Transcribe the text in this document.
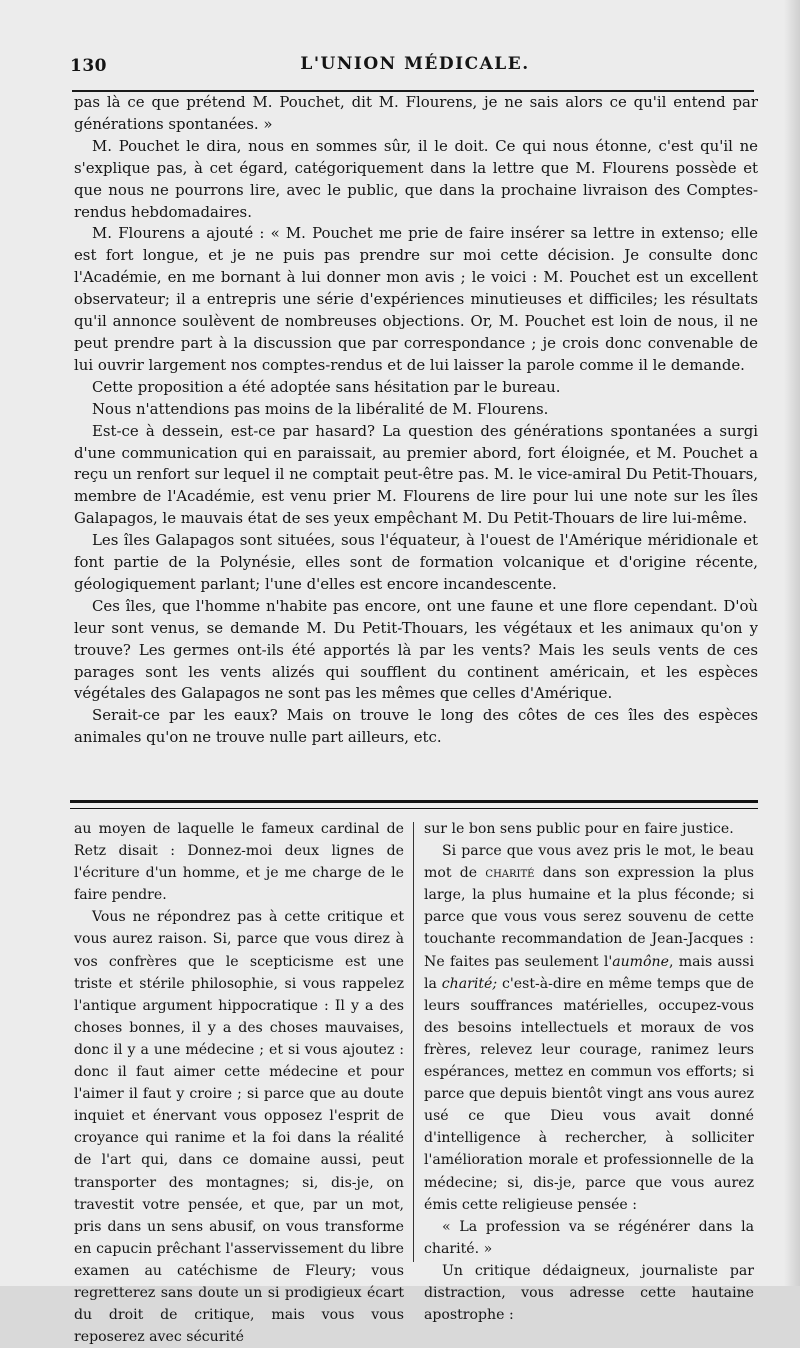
130	L'UNION MÉDICALE.

pas là ce que prétend M. Pouchet, dit M. Flourens, je ne sais alors ce qu'il entend par générations spontanées. »

M. Pouchet le dira, nous en sommes sûr, il le doit. Ce qui nous étonne, c'est qu'il ne s'explique pas, à cet égard, catégoriquement dans la lettre que M. Flourens possède et que nous ne pourrons lire, avec le public, que dans la prochaine livraison des Comptes-rendus hebdomadaires.

M. Flourens a ajouté : « M. Pouchet me prie de faire insérer sa lettre in extenso; elle est fort longue, et je ne puis pas prendre sur moi cette décision. Je consulte donc l'Académie, en me bornant à lui donner mon avis ; le voici : M. Pouchet est un excellent observateur; il a entrepris une série d'expériences minutieuses et difficiles; les résultats qu'il annonce soulèvent de nombreuses objections. Or, M. Pouchet est loin de nous, il ne peut prendre part à la discussion que par correspondance ; je crois donc convenable de lui ouvrir largement nos comptes-rendus et de lui laisser la parole comme il le demande.

Cette proposition a été adoptée sans hésitation par le bureau.

Nous n'attendions pas moins de la libéralité de M. Flourens.

Est-ce à dessein, est-ce par hasard? La question des générations spontanées a surgi d'une communication qui en paraissait, au premier abord, fort éloignée, et M. Pouchet a reçu un renfort sur lequel il ne comptait peut-être pas. M. le vice-amiral Du Petit-Thouars, membre de l'Académie, est venu prier M. Flourens de lire pour lui une note sur les îles Galapagos, le mauvais état de ses yeux empêchant M. Du Petit-Thouars de lire lui-même.

Les îles Galapagos sont situées, sous l'équateur, à l'ouest de l'Amérique méridionale et font partie de la Polynésie, elles sont de formation volcanique et d'origine récente, géologiquement parlant; l'une d'elles est encore incandescente.

Ces îles, que l'homme n'habite pas encore, ont une faune et une flore cependant. D'où leur sont venus, se demande M. Du Petit-Thouars, les végétaux et les animaux qu'on y trouve? Les germes ont-ils été apportés là par les vents? Mais les seuls vents de ces parages sont les vents alizés qui soufflent du continent américain, et les espèces végétales des Galapagos ne sont pas les mêmes que celles d'Amérique.

Serait-ce par les eaux? Mais on trouve le long des côtes de ces îles des espèces animales qu'on ne trouve nulle part ailleurs, etc.

au moyen de laquelle le fameux cardinal de Retz disait : Donnez-moi deux lignes de l'écriture d'un homme, et je me charge de le faire pendre.

Vous ne répondrez pas à cette critique et vous aurez raison. Si, parce que vous direz à vos confrères que le scepticisme est une triste et stérile philosophie, si vous rappelez l'antique argument hippocratique : Il y a des choses bonnes, il y a des choses mauvaises, donc il y a une médecine ; et si vous ajoutez : donc il faut aimer cette médecine et pour l'aimer il faut y croire ; si parce que au doute inquiet et énervant vous opposez l'esprit de croyance qui ranime et la foi dans la réalité de l'art qui, dans ce domaine aussi, peut transporter des montagnes; si, dis-je, on travestit votre pensée, et que, par un mot, pris dans un sens abusif, on vous transforme en capucin prêchant l'asservissement du libre examen au catéchisme de Fleury; vous regretterez sans doute un si prodigieux écart du droit de critique, mais vous vous reposerez avec sécurité

sur le bon sens public pour en faire justice.

Si parce que vous avez pris le mot, le beau mot de charité dans son expression la plus large, la plus humaine et la plus féconde; si parce que vous vous serez souvenu de cette touchante recommandation de Jean-Jacques : Ne faites pas seulement l'aumône, mais aussi la charité; c'est-à-dire en même temps que de leurs souffrances matérielles, occupez-vous des besoins intellectuels et moraux de vos frères, relevez leur courage, ranimez leurs espérances, mettez en commun vos efforts; si parce que depuis bientôt vingt ans vous aurez usé ce que Dieu vous avait donné d'intelligence à rechercher, à solliciter l'amélioration morale et professionnelle de la médecine; si, dis-je, parce que vous aurez émis cette religieuse pensée :

« La profession va se régénérer dans la charité. »

Un critique dédaigneux, journaliste par distraction, vous adresse cette hautaine apostrophe :
